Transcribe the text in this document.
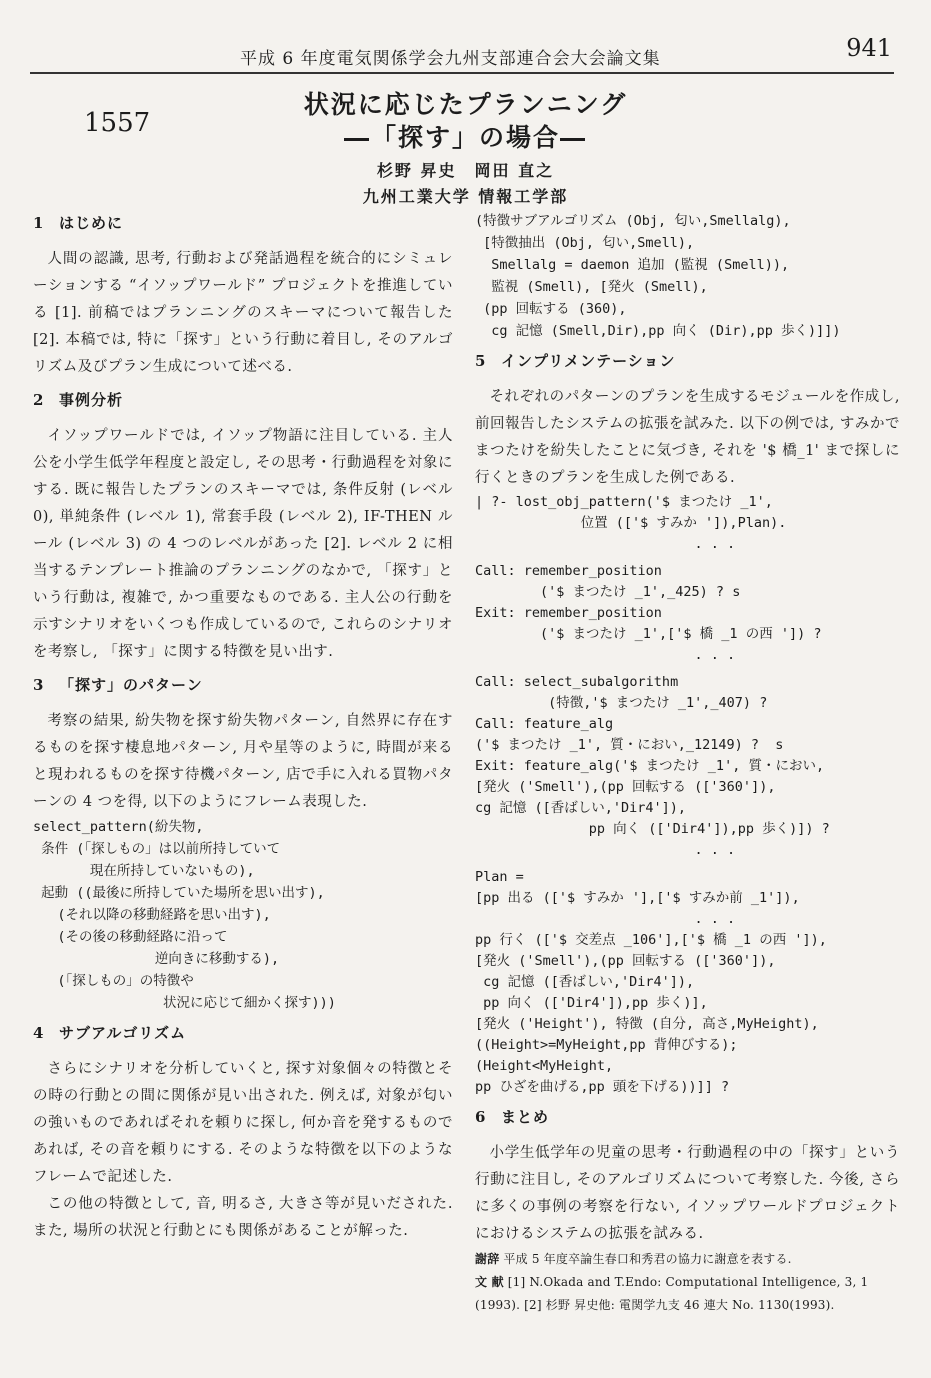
平成 6 年度電気関係学会九州支部連合会大会論文集	941
1557
状況に応じたプランニング
―「探す」の場合―
杉野 昇史　岡田 直之
九州工業大学 情報工学部
1 はじめに

人間の認識, 思考, 行動および発話過程を統合的にシミュレーションする “イソップワールド” プロジェクトを推進している [1]. 前稿ではプランニングのスキーマについて報告した [2]. 本稿では, 特に「探す」という行動に着目し, そのアルゴリズム及びプラン生成について述べる.

2 事例分析

イソップワールドでは, イソップ物語に注目している. 主人公を小学生低学年程度と設定し, その思考・行動過程を対象にする. 既に報告したプランのスキーマでは, 条件反射 (レベル 0), 単純条件 (レベル 1), 常套手段 (レベル 2), IF-THEN ルール (レベル 3) の 4 つのレベルがあった [2]. レベル 2 に相当するテンプレート推論のプランニングのなかで, 「探す」という行動は, 複雑で, かつ重要なものである. 主人公の行動を示すシナリオをいくつも作成しているので, これらのシナリオを考察し, 「探す」に関する特徴を見い出す.

3 「探す」のパターン

考察の結果, 紛失物を探す紛失物パターン, 自然界に存在するものを探す棲息地パターン, 月や星等のように, 時間が来ると現われるものを探す待機パターン, 店で手に入れる買物パターンの 4 つを得, 以下のようにフレーム表現した.

select_pattern(紛失物,
条件 (「探しもの」は以前所持していて
現在所持していないもの),
起動 ((最後に所持していた場所を思い出す),
(それ以降の移動経路を思い出す),
(その後の移動経路に沿って
逆向きに移動する),
(「探しもの」の特徴や
状況に応じて細かく探す)))
4 サブアルゴリズム

さらにシナリオを分析していくと, 探す対象個々の特徴とその時の行動との間に関係が見い出された. 例えば, 対象が匂いの強いものであればそれを頼りに探し, 何か音を発するものであれば, その音を頼りにする. そのような特徴を以下のようなフレームで記述した.

この他の特徴として, 音, 明るさ, 大きさ等が見いだされた. また, 場所の状況と行動とにも関係があることが解った.

(特徴サブアルゴリズム (Obj, 匂い,Smellalg),
[特徴抽出 (Obj, 匂い,Smell),
Smellalg = daemon 追加 (監視 (Smell)),
監視 (Smell), [発火 (Smell),
(pp 回転する (360),
cg 記憶 (Smell,Dir),pp 向く (Dir),pp 歩く)]])
5 インプリメンテーション

それぞれのパターンのプランを生成するモジュールを作成し, 前回報告したシステムの拡張を試みた. 以下の例では, すみかでまつたけを紛失したことに気づき, それを '$ 橋_1' まで探しに行くときのプランを生成した例である.

| ?- lost_obj_pattern('$ まつたけ _1',
位置 (['$ すみか ']),Plan).
. . .
Call: remember_position
('$ まつたけ _1',_425) ? s
Exit: remember_position
('$ まつたけ _1',['$ 橋 _1 の西 ']) ?
. . .
Call: select_subalgorithm
(特徴,'$ まつたけ _1',_407) ?
Call: feature_alg
('$ まつたけ _1', 質・におい,_12149) ?  s
Exit: feature_alg('$ まつたけ _1', 質・におい,
[発火 ('Smell'),(pp 回転する (['360']),
cg 記憶 ([香ばしい,'Dir4']),
pp 向く (['Dir4']),pp 歩く)]) ?
. . .
Plan =
[pp 出る (['$ すみか '],['$ すみか前 _1']),
. . .
pp 行く (['$ 交差点 _106'],['$ 橋 _1 の西 ']),
[発火 ('Smell'),(pp 回転する (['360']),
cg 記憶 ([香ばしい,'Dir4']),
pp 向く (['Dir4']),pp 歩く)],
[発火 ('Height'), 特徴 (自分, 高さ,MyHeight),
((Height>=MyHeight,pp 背伸びする);
(Height<MyHeight,
pp ひざを曲げる,pp 頭を下げる))]] ?
6 まとめ

小学生低学年の児童の思考・行動過程の中の「探す」という行動に注目し, そのアルゴリズムについて考察した. 今後, さらに多くの事例の考察を行ない, イソップワールドプロジェクトにおけるシステムの拡張を試みる.

謝辞 平成 5 年度卒論生春口和秀君の協力に謝意を表する.

文 献 [1] N.Okada and T.Endo: Computational Intelligence, 3, 1 (1993). [2] 杉野 昇史他: 電関学九支 46 連大 No. 1130(1993).
